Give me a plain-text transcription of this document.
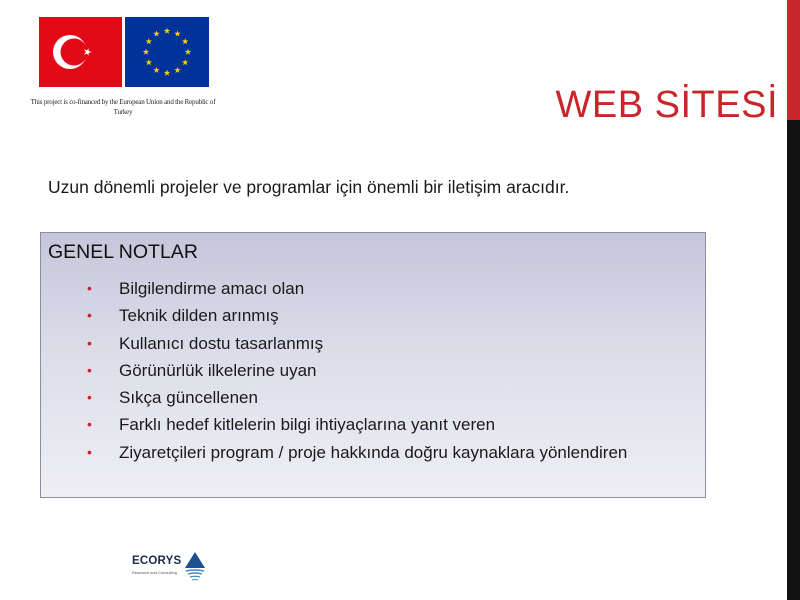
This project is co-financed by the European Union and the Republic of Turkey	WEB SİTESİ
Uzun dönemli projeler ve programlar için önemli bir iletişim aracıdır.
GENEL NOTLAR
• Bilgilendirme amacı olan
• Teknik dilden arınmış
• Kullanıcı dostu tasarlanmış
• Görünürlük ilkelerine uyan
• Sıkça güncellenen
• Farklı hedef kitlelerin bilgi ihtiyaçlarına yanıt veren
• Ziyaretçileri program / proje hakkında doğru kaynaklara yönlendiren
ECORYS
Research and Consulting
